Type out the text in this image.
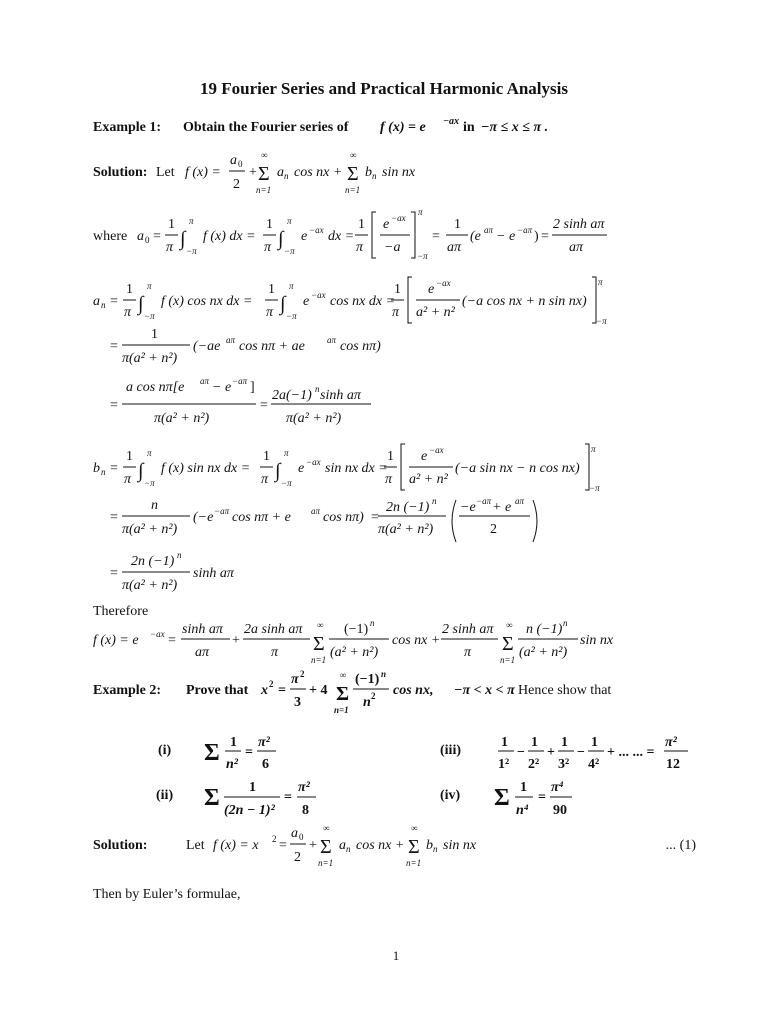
19 Fourier Series and Practical Harmonic Analysis
Example 1: Obtain the Fourier series of f (x) = e −ax in −π ≤ x ≤ π .
Solution: Let f (x) =
a 0
2
+
∞
Σ
n=1
a n cos nx +
∞
Σ
n=1
b n sin nx
where a 0 =
1
π ∫
π
−π
f (x) dx =
1
π ∫
π
−π
e −ax dx =
1
π
e −ax
−a
π
−π
=
1
aπ
(e aπ − e −aπ ) =
2 sinh aπ
aπ
a n =
1
π ∫
π
−π
f (x) cos nx dx =
1
π ∫
π
−π
e −ax cos nx dx =
1
π
e −ax
a² + n²
(−a cos nx + n sin nx)
π
−π
=
1
π(a² + n²)
(−ae aπ cos nπ + ae aπ cos nπ)
a cos nπ[e aπ − e −aπ ]
=
π(a² + n²)
=
2a(−1) n sinh aπ
π(a² + n²)
b n =
1
π ∫
π
−π
f (x) sin nx dx =
1
π ∫
π
−π
e −ax sin nx dx =
1
π
e −ax
a² + n²
(−a sin nx − n cos nx)
π
−π
=
n
π(a² + n²)
(−e −aπ cos nπ + e aπ cos nπ) =
2n (−1) n
π(a² + n²)
−e −aπ + e aπ
2
=
2n (−1) n
π(a² + n²)
sinh aπ
Therefore
f (x) = e −ax =
sinh aπ
aπ
+
2a sinh aπ
π
∞
Σ
n=1
(−1) n
(a² + n²)
cos nx +
2 sinh aπ
π
∞
Σ
n=1
n (−1) n
(a² + n²)
sin nx
Example 2: Prove that x 2 =
π 2
3
+ 4
∞
Σ
n=1
(−1) n
n 2 cos nx, −π < x < π
. Hence show that
(i) Σ 1
n²
=
π²
6
(ii) Σ 1
(2n − 1)²
=
π²
8
(iii)
1
1²
−
1
2²
+
1
3²
−
1
4²
+ ... ... =
π²
12
(iv) Σ 1
n⁴
=
π⁴
90
Solution:	Let f (x) = x 2 =
a 0
2
+
∞
Σ
n=1
a n cos nx +
∞
Σ
n=1
b n sin nx	... (1)
Then by Euler’s formulae,
1
